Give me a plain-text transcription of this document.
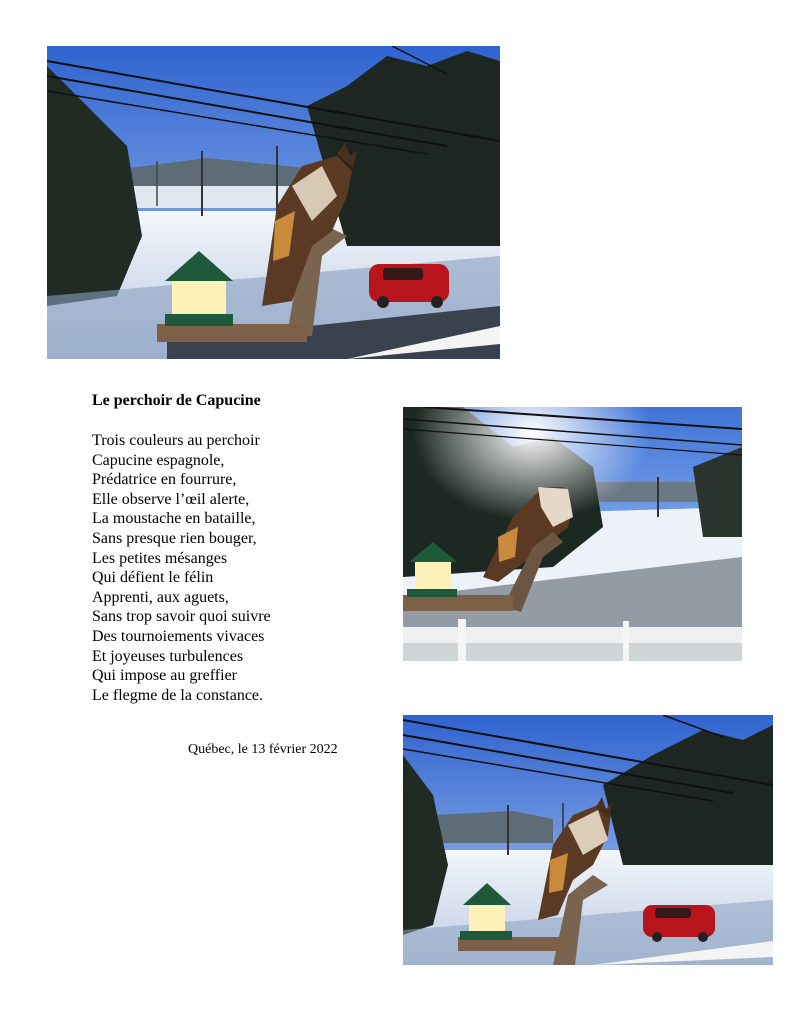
Le perchoir de Capucine
Trois couleurs au perchoir
Capucine espagnole,
Prédatrice en fourrure,
Elle observe l’œil alerte,
La moustache en bataille,
Sans presque rien bouger,
Les petites mésanges
Qui défient le félin
Apprenti, aux aguets,
Sans trop savoir quoi suivre
Des tournoiements vivaces
Et joyeuses turbulences
Qui impose au greffier
Le flegme de la constance.
Québec, le 13 février 2022
